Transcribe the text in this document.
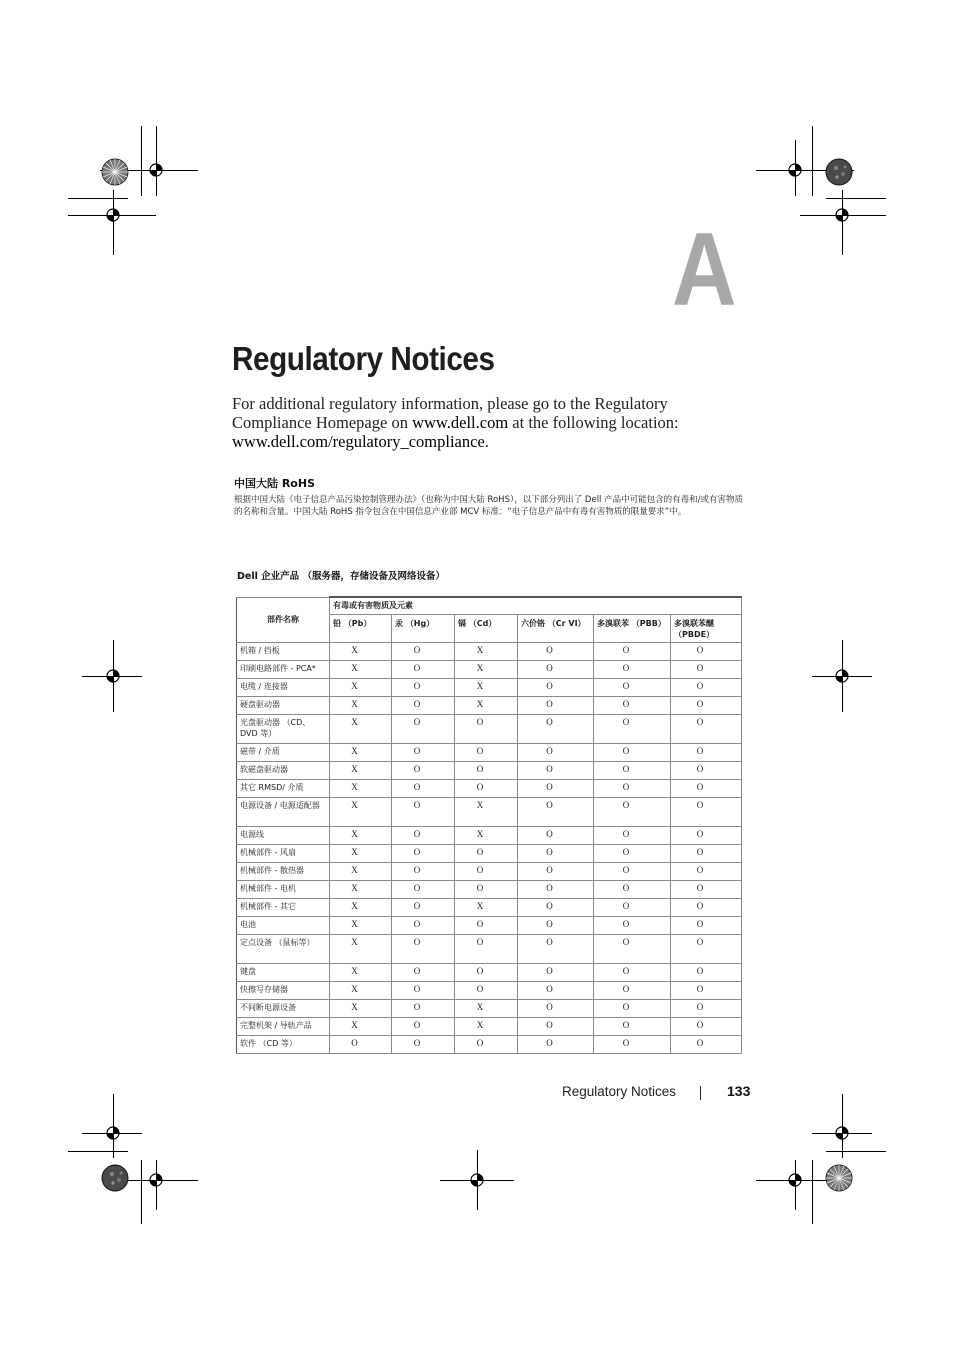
A
Regulatory Notices

For additional regulatory information, please go to the Regulatory Compliance Homepage on www.dell.com at the following location: www.dell.com/regulatory_compliance.

中国大陆 RoHS
根据中国大陆《电子信息产品污染控制管理办法》（也称为中国大陆 RoHS），以下部分列出了 Dell 产品中可能包含的有毒和/或有害物质的名称和含量。中国大陆 RoHS 指令包含在中国信息产业部 MCV 标准：“电子信息产品中有毒有害物质的限量要求”中。
Dell 企业产品 （服务器，存储设备及网络设备）
部件名称	有毒或有害物质及元素					
	铅 （Pb）	汞 （Hg）	镉 （Cd）	六价铬 （Cr VI）	多溴联苯 （PBB）	多溴联苯醚 （PBDE）
机箱 / 挡板	X	O	X	O	O	O
印刷电路部件 - PCA*	X	O	X	O	O	O
电缆 / 连接器	X	O	X	O	O	O
硬盘驱动器	X	O	X	O	O	O
光盘驱动器 （CD、 DVD 等）	X	O	O	O	O	O
磁带 / 介质	X	O	O	O	O	O
软磁盘驱动器	X	O	O	O	O	O
其它 RMSD/ 介质	X	O	O	O	O	O
电源设备 / 电源适配器	X	O	X	O	O	O
电源线	X	O	X	O	O	O
机械部件 - 风扇	X	O	O	O	O	O
机械部件 - 散热器	X	O	O	O	O	O
机械部件 - 电机	X	O	O	O	O	O
机械部件 - 其它	X	O	X	O	O	O
电池	X	O	O	O	O	O
定点设备 （鼠标等）	X	O	O	O	O	O
键盘	X	O	O	O	O	O
快擦写存储器	X	O	O	O	O	O
不间断电源设备	X	O	X	O	O	O
完整机架 / 导轨产品	X	O	X	O	O	O
软件 （CD 等）	O	O	O	O	O	O
Regulatory Notices	133
